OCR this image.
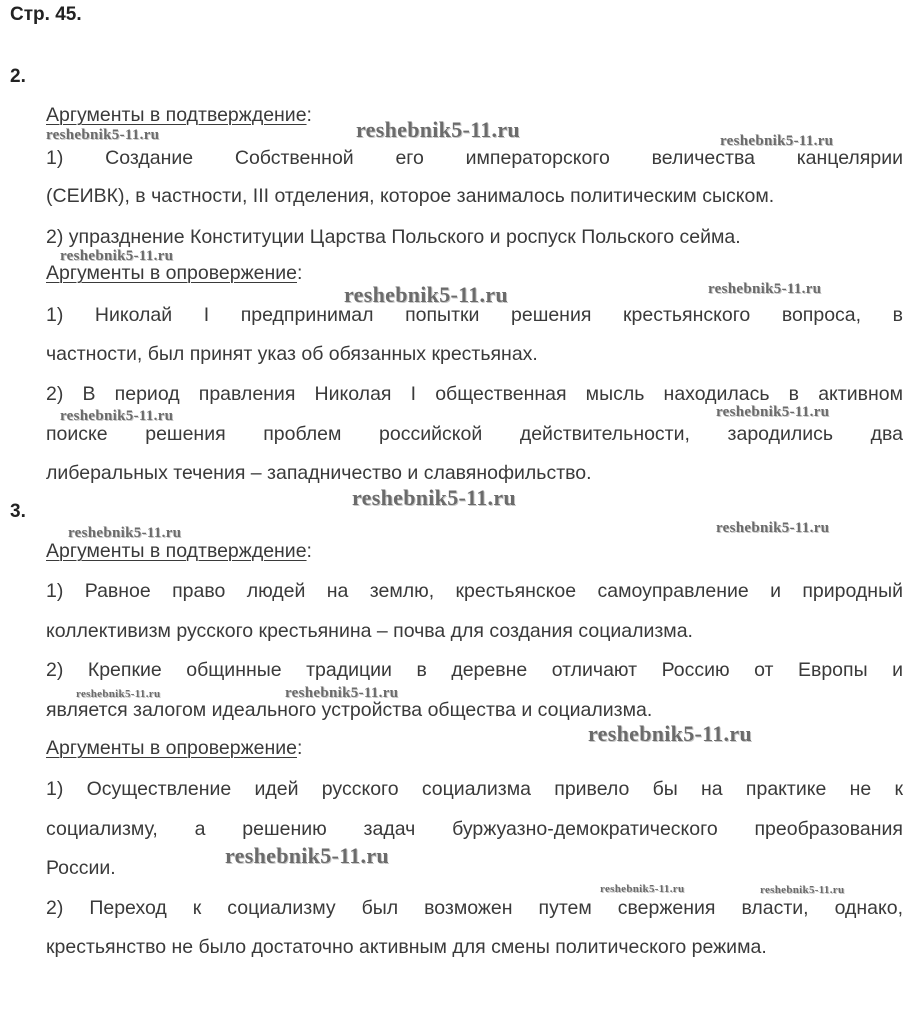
Стр. 45.
2.
Аргументы в подтверждение:
1) Создание Собственной его императорского величества канцелярии
(СЕИВК), в частности, III отделения, которое занималось политическим сыском.
2) упразднение Конституции Царства Польского и роспуск Польского сейма.
Аргументы в опровержение:
1) Николай I предпринимал попытки решения крестьянского вопроса, в
частности, был принят указ об обязанных крестьянах.
2) В период правления Николая I общественная мысль находилась в активном
поиске решения проблем российской действительности, зародились два
либеральных течения – западничество и славянофильство.
3.
Аргументы в подтверждение:
1) Равное право людей на землю, крестьянское самоуправление и природный
коллективизм русского крестьянина – почва для создания социализма.
2) Крепкие общинные традиции в деревне отличают Россию от Европы и
является залогом идеального устройства общества и социализма.
Аргументы в опровержение:
1) Осуществление идей русского социализма привело бы на практике не к
социализму, а решению задач буржуазно-демократического преобразования
России.
2) Переход к социализму был возможен путем свержения власти, однако,
крестьянство не было достаточно активным для смены политического режима.
reshebnik5-11.ru	reshebnik5-11.ru	reshebnik5-11.ru
reshebnik5-11.ru
reshebnik5-11.ru	reshebnik5-11.ru
reshebnik5-11.ru	reshebnik5-11.ru
reshebnik5-11.ru
reshebnik5-11.ru	reshebnik5-11.ru
reshebnik5-11.ru	reshebnik5-11.ru
reshebnik5-11.ru
reshebnik5-11.ru
reshebnik5-11.ru	reshebnik5-11.ru
